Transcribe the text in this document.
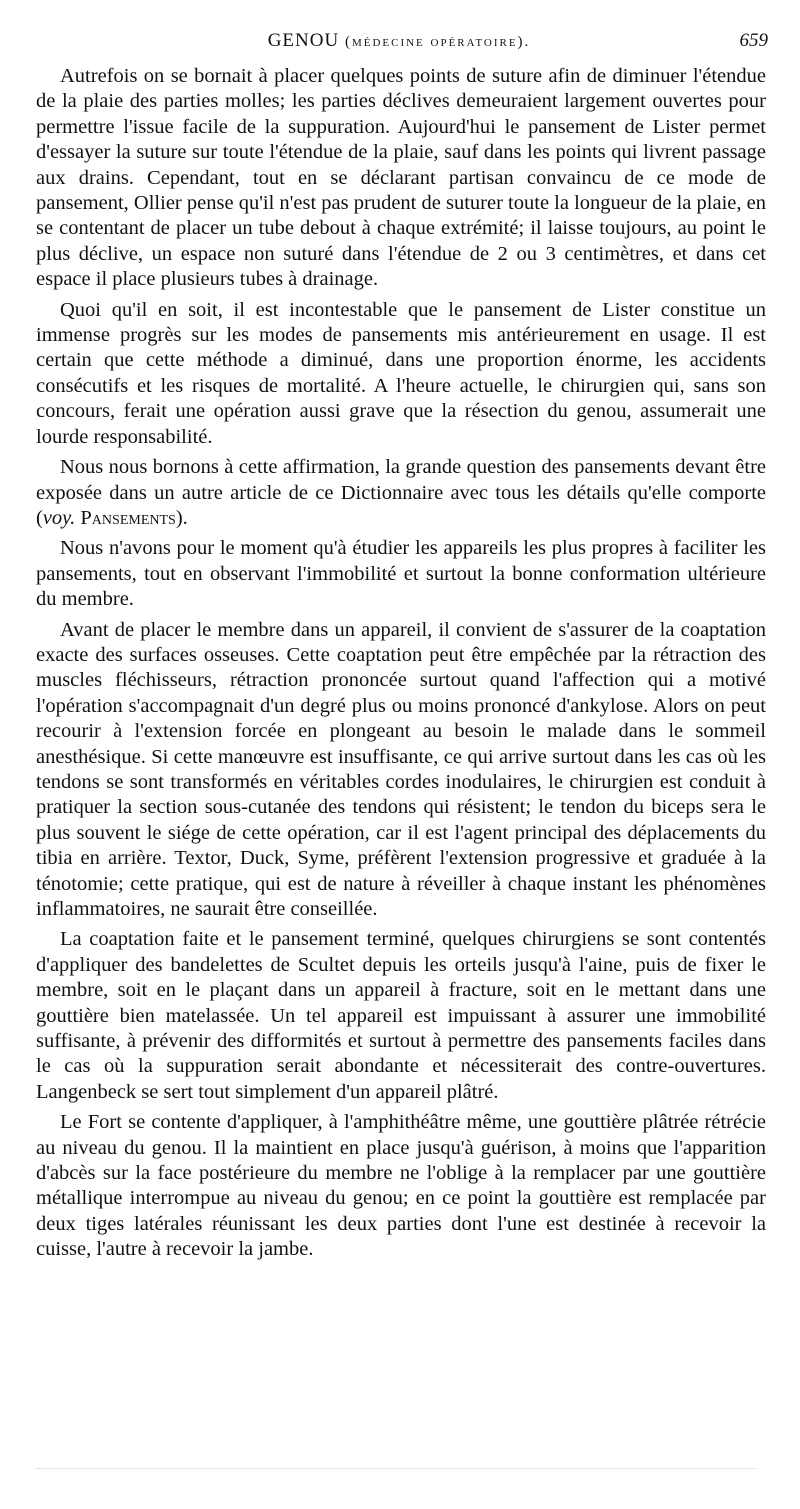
GENOU (médecine opératoire).	659

Autrefois on se bornait à placer quelques points de suture afin de diminuer l'étendue de la plaie des parties molles; les parties déclives demeuraient largement ouvertes pour permettre l'issue facile de la suppuration. Aujourd'hui le pansement de Lister permet d'essayer la suture sur toute l'étendue de la plaie, sauf dans les points qui livrent passage aux drains. Cependant, tout en se déclarant partisan convaincu de ce mode de pansement, Ollier pense qu'il n'est pas prudent de suturer toute la longueur de la plaie, en se contentant de placer un tube debout à chaque extrémité; il laisse toujours, au point le plus déclive, un espace non suturé dans l'étendue de 2 ou 3 centimètres, et dans cet espace il place plusieurs tubes à drainage.

Quoi qu'il en soit, il est incontestable que le pansement de Lister constitue un immense progrès sur les modes de pansements mis antérieurement en usage. Il est certain que cette méthode a diminué, dans une proportion énorme, les accidents consécutifs et les risques de mortalité. A l'heure actuelle, le chirurgien qui, sans son concours, ferait une opération aussi grave que la résection du genou, assumerait une lourde responsabilité.

Nous nous bornons à cette affirmation, la grande question des pansements devant être exposée dans un autre article de ce Dictionnaire avec tous les détails qu'elle comporte (voy. Pansements).

Nous n'avons pour le moment qu'à étudier les appareils les plus propres à faciliter les pansements, tout en observant l'immobilité et surtout la bonne conformation ultérieure du membre.

Avant de placer le membre dans un appareil, il convient de s'assurer de la coaptation exacte des surfaces osseuses. Cette coaptation peut être empêchée par la rétraction des muscles fléchisseurs, rétraction prononcée surtout quand l'affection qui a motivé l'opération s'accompagnait d'un degré plus ou moins prononcé d'ankylose. Alors on peut recourir à l'extension forcée en plongeant au besoin le malade dans le sommeil anesthésique. Si cette manœuvre est insuffisante, ce qui arrive surtout dans les cas où les tendons se sont transformés en véritables cordes inodulaires, le chirurgien est conduit à pratiquer la section sous-cutanée des tendons qui résistent; le tendon du biceps sera le plus souvent le siége de cette opération, car il est l'agent principal des déplacements du tibia en arrière. Textor, Duck, Syme, préfèrent l'extension progressive et graduée à la ténotomie; cette pratique, qui est de nature à réveiller à chaque instant les phénomènes inflammatoires, ne saurait être conseillée.

La coaptation faite et le pansement terminé, quelques chirurgiens se sont contentés d'appliquer des bandelettes de Scultet depuis les orteils jusqu'à l'aine, puis de fixer le membre, soit en le plaçant dans un appareil à fracture, soit en le mettant dans une gouttière bien matelassée. Un tel appareil est impuissant à assurer une immobilité suffisante, à prévenir des difformités et surtout à permettre des pansements faciles dans le cas où la suppuration serait abondante et nécessiterait des contre-ouvertures. Langenbeck se sert tout simplement d'un appareil plâtré.

Le Fort se contente d'appliquer, à l'amphithéâtre même, une gouttière plâtrée rétrécie au niveau du genou. Il la maintient en place jusqu'à guérison, à moins que l'apparition d'abcès sur la face postérieure du membre ne l'oblige à la remplacer par une gouttière métallique interrompue au niveau du genou; en ce point la gouttière est remplacée par deux tiges latérales réunissant les deux parties dont l'une est destinée à recevoir la cuisse, l'autre à recevoir la jambe.
